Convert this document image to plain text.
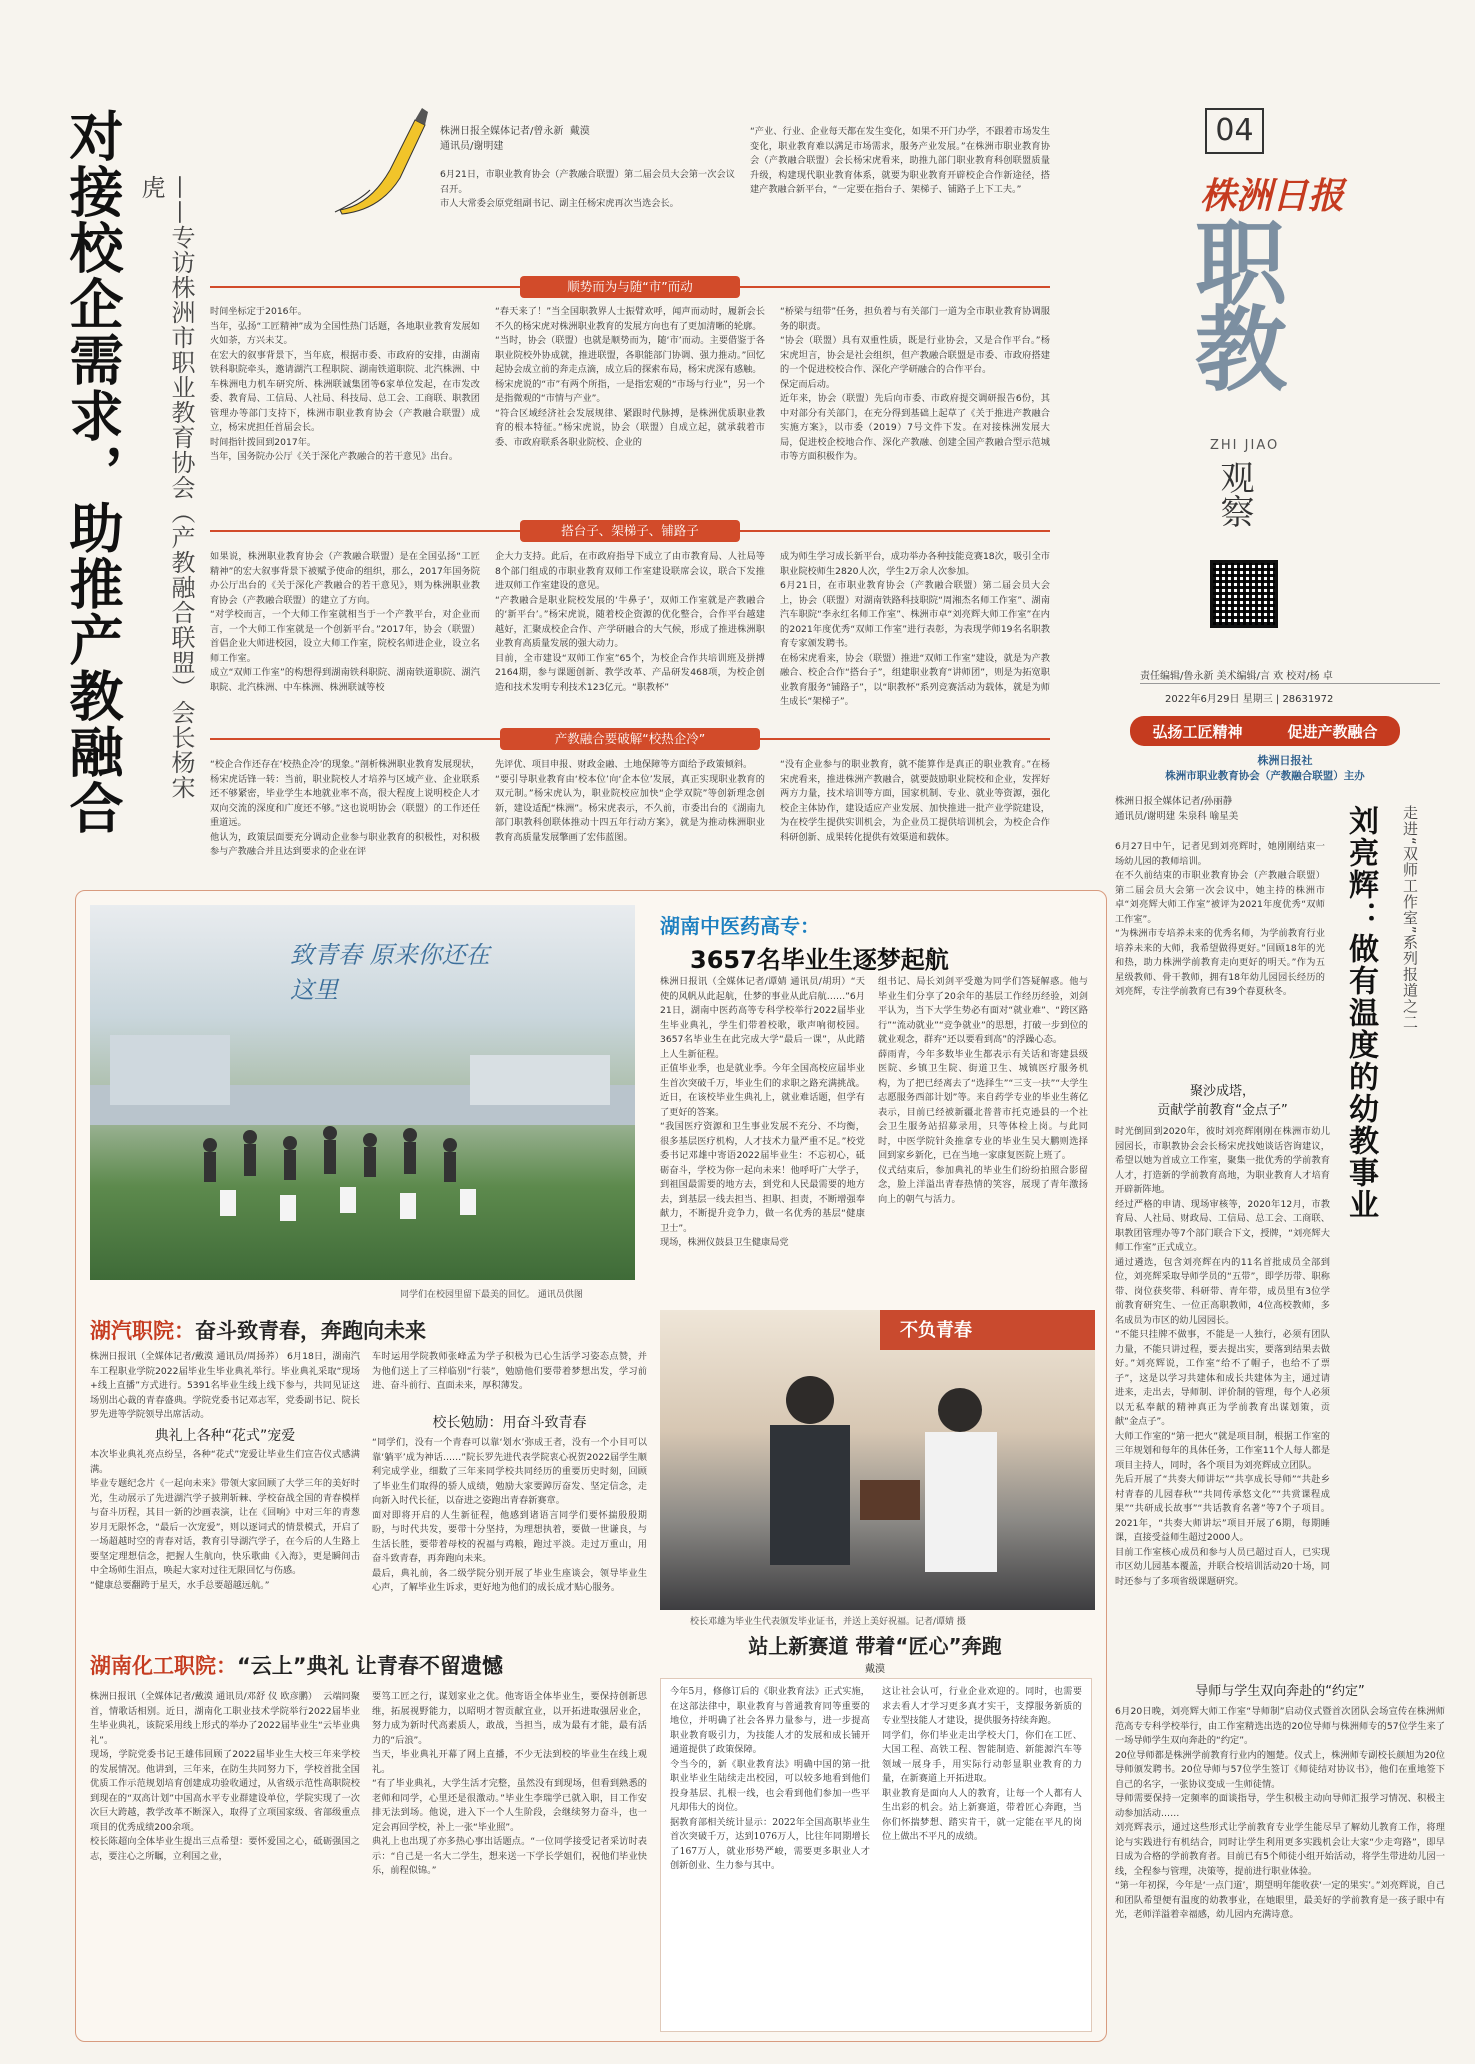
对接校企需求，助推产教融合	——专访株洲市职业教育协会（产教融合联盟）会长杨宋虎
株洲日报全媒体记者/曾永新  戴漠
通讯员/谢明建
6月21日，市职业教育协会（产教融合联盟）第二届会员大会第一次会议召开。
市人大常委会原党组副书记、副主任杨宋虎再次当选会长。
“产业、行业、企业每天都在发生变化，如果不开门办学，不跟着市场发生变化，职业教育难以满足市场需求，服务产业发展。”在株洲市职业教育协会（产教融合联盟）会长杨宋虎看来，助推九部门职业教育科创联盟质量升级，构建现代职业教育体系，就要为职业教育开辟校企合作新途径，搭建产教融合新平台，“一定要在指台子、架梯子、铺路子上下工夫。”
顺势而为与随“市”而动
时间坐标定于2016年。
当年，弘扬“工匠精神”成为全国性热门话题，各地职业教育发展如火如荼，方兴未艾。
在宏大的叙事背景下，当年底，根据市委、市政府的安排，由湖南铁科职院牵头，邀请湖汽工程职院、湖南铁道职院、北汽株洲、中车株洲电力机车研究所、株洲联诚集团等6家单位发起，在市发改委、教育局、工信局、人社局、科技局、总工会、工商联、职教团管理办等部门支持下，株洲市职业教育协会（产教融合联盟）成立，杨宋虎担任首届会长。
时间指针拨回到2017年。
当年，国务院办公厅《关于深化产教融合的若干意见》出台。
“春天来了！”当全国职教界人士振臂欢呼，闻声而动时，履新会长不久的杨宋虎对株洲职业教育的发展方向也有了更加清晰的轮廓。
“当时，协会（联盟）也就是顺势而为，随‘市’而动。主要借鉴于各职业院校外协成就，推进联盟，各职能部门协调、强力推动。”回忆起协会成立前的奔走点滴，成立后的探索布局，杨宋虎深有感触。
杨宋虎说的“市”有两个所指，一是指宏观的“市场与行业”，另一个是指微观的“市情与产业”。
“符合区域经济社会发展规律、紧跟时代脉搏，是株洲优质职业教育的根本特征。”杨宋虎说，协会（联盟）自成立起，就承载着市委、市政府联系各职业院校、企业的
“桥梁与纽带”任务，担负着与有关部门一道为全市职业教育协调服务的职责。
“协会（联盟）具有双重性质，既是行业协会，又是合作平台。”杨宋虎坦言，协会是社会组织，但产教融合联盟是市委、市政府搭建的一个促进校校合作、深化产学研融合的合作平台。
保定而后动。
近年来，协会（联盟）先后向市委、市政府提交调研报告6份，其中对部分有关部门，在充分得到基础上起草了《关于推进产教融合实施方案》，以市委（2019）7号文件下发。在对接株洲发展大局，促进校企校地合作、深化产教融、创建全国产教融合型示范城市等方面积极作为。
搭台子、架梯子、铺路子
如果说，株洲职业教育协会（产教融合联盟）是在全国弘扬“工匠精神”的宏大叙事背景下被赋予使命的组织，那么，2017年国务院办公厅出台的《关于深化产教融合的若干意见》，则为株洲职业教育协会（产教融合联盟）的建立了方向。
“对学校而言，一个大师工作室就相当于一个产教平台，对企业而言，一个大师工作室就是一个创新平台。”2017年，协会（联盟）首倡企业大师进校园，设立大师工作室，院校名师进企业，设立名师工作室。
成立“双师工作室”的构想得到湖南铁科职院、湖南铁道职院、湖汽职院、北汽株洲、中车株洲、株洲联诚等校
企大力支持。此后，在市政府指导下成立了由市教育局、人社局等8个部门组成的市职业教育双师工作室建设联席会议，联合下发推进双师工作室建设的意见。
“产教融合是职业院校发展的‘牛鼻子’，双师工作室就是产教融合的‘新平台’。”杨宋虎说，随着校企资源的优化整合，合作平台越建越好，汇聚成校企合作、产学研融合的大气候，形成了推进株洲职业教育高质量发展的强大动力。
目前，全市建设“双师工作室”65个，为校企合作共培训班及拼搏2164期，参与课题创新、教学改革、产品研发468项，为校企创造和技术发明专利技术123亿元。“职教杯”
成为师生学习成长新平台，成功举办各种技能竞赛18次，吸引全市职业院校师生2820人次，学生2万余人次参加。
6月21日，在市职业教育协会（产教融合联盟）第二届会员大会上，协会（联盟）对湖南铁路科技职院“周湘杰名师工作室”、湖南汽车职院“李永红名师工作室”、株洲市卓“刘亮辉大师工作室”在内的2021年度优秀“双师工作室”进行表彰，为表现学师19名名职教育专家颁发聘书。
在杨宋虎看来，协会（联盟）推进“双师工作室”建设，就是为产教融合、校企合作“搭台子”，组建职业教育“讲师团”，则是为拓宽职业教育服务“铺路子”，以“职教杯”系列竞赛活动为载体，就是为师生成长“架梯子”。
产教融合要破解“校热企冷”
“校企合作还存在‘校热企冷’的现象。”剖析株洲职业教育发展现状，杨宋虎话锋一转：当前，职业院校人才培养与区域产业、企业联系还不够紧密，毕业学生本地就业率不高，很大程度上说明校企人才双向交流的深度和广度还不够。”这也说明协会（联盟）的工作还任重道远。
他认为，政策层面要充分调动企业参与职业教育的积极性，对积极参与产教融合并且达到要求的企业在评
先评优、项目申报、财政金融、土地保障等方面给予政策倾斜。
“要引导职业教育由‘校本位’向‘企本位’发展，真正实现职业教育的双元制。”杨宋虎认为，职业院校应加快“企学双院”等创新理念创新，建设适配“株洲”。杨宋虎表示，不久前，市委出台的《湖南九部门职教科创联体推动十四五年行动方案》，就是为推动株洲职业教育高质量发展擎画了宏伟蓝图。
“没有企业参与的职业教育，就不能算作是真正的职业教育。”在杨宋虎看来，推进株洲产教融合，就要鼓励职业院校和企业，发挥好两方力量，技术培训等方面，国家机制、专业、就业等资源，强化校企主体协作，建设适应产业发展、加快推进一批产业学院建设，为在校学生提供实训机会，为企业员工提供培训机会，为校企合作科研创新、成果转化提供有效渠道和载体。
04
株洲日报
职教
ZHI JIAO
观察
责任编辑/鲁永新 美术编辑/言 欢 校对/杨 卓
2022年6月29日 星期三 | 28631972
弘扬工匠精神	促进产教融合
株洲日报社
株洲市职业教育协会（产教融合联盟）主办
株洲日报全媒体记者/孙丽静
通讯员/谢明建 朱泉科 喻星美	走进“双师工作室”系列报道之二
刘亮辉：做有温度的幼教事业
6月27日中午，记者见到刘亮辉时，她刚刚结束一场幼儿园的教师培训。
在不久前结束的市职业教育协会（产教融合联盟）第二届会员大会第一次会议中，她主持的株洲市卓“刘亮辉大师工作室”被评为2021年度优秀“双师工作室”。
“为株洲市专培养未来的优秀名师，为学前教育行业培养未来的大师，我希望做得更好。”回顾18年的光和热，助力株洲学前教育走向更好的明天。”作为五星级教师、骨干教师，拥有18年幼儿园园长经历的刘亮辉，专注学前教育已有39个春夏秋冬。
聚沙成塔，
贡献学前教育“金点子”
时光倒回到2020年，彼时刘亮辉刚刚在株洲市幼儿园园长，市职教协会会长杨宋虎找她谈话咨询建议，希望以她为首成立工作室，聚集一批优秀的学前教育人才，打造新的学前教育高地，为职业教育人才培育开辟新阵地。
经过严格的申请、现场审核等，2020年12月，市教育局、人社局、财政局、工信局、总工会、工商联、职教团管理办等7个部门联合下文，授牌，“刘亮辉大师工作室”正式成立。
通过遴选，包含刘亮辉在内的11名首批成员全部到位，刘亮辉采取导师学员的“五带”，即学历带、职称带、岗位获奖带、科研带、青年带，成员里有3位学前教育研究生、一位正高职教师，4位高校教师，多名成员为市区的幼儿园园长。
“不能只挂牌不做事，不能是一人独行，必须有团队力量，不能只讲过程，要去提出实，要落到结果去做好。”刘亮辉说，工作室“给不了帽子，也给不了票子”，这是以学习共建体和成长共建体为主，通过请进来，走出去，导师制、评价制的管理，每个人必须以无私奉献的精神真正为学前教育出谋划策，贡献“金点子”。
大师工作室的“第一把火”就是项目制，根据工作室的三年规划和每年的具体任务，工作室11个人每人都是项目主持人，同时，各个项目为刘亮辉成立团队。
先后开展了“共奏大师讲坛”“共享成长导师”“共赴乡村青春的儿园春秋”“共同传承悠文化”“共赏课程成果”“共研成长故事”“共话教育名著”等7个子项目。2021年，“共奏大师讲坛”项目开展了6期，每期睡课，直接受益师生超过2000人。
目前工作室核心成员和参与人员已超过百人，已实现市区幼儿园基本覆盖，并联合校培训活动20十场，同时还参与了多项省级课题研究。
导师与学生双向奔赴的“约定”
6月20日晚，刘亮辉大师工作室“导师制”启动仪式暨首次团队会场宣传在株洲师范高专专科学校举行，由工作室精选出选的20位导师与株洲师专的57位学生来了一场导师学生双向奔赴的“约定”。
20位导师都是株洲学前教育行业内的翘楚。仪式上，株洲师专副校长颜旭为20位导师颁发聘书。20位导师与57位学生签订《师徒结对协议书》，他们在重地签下自己的名字，一张协议变成一生师徒情。
导师需要保持一定频率的面谈指导，学生积极主动向导师汇报学习情况、积极主动参加活动……
刘亮辉表示，通过这些形式让学前教育专业学生能尽早了解幼儿教育工作，将理论与实践进行有机结合，同时让学生利用更多实践机会让大家“少走弯路”，即早日成为合格的学前教育者。目前已有5个师徒小组开始活动，将学生带进幼儿园一线，全程参与管理，决策等，提前进行职业体验。
“第一年初探，今年是‘一点门道’，期望明年能收获‘一定的果实’。”刘亮辉说，自己和团队希望便有温度的幼教事业，在她眼里，最美好的学前教育是一孩子眼中有光，老师洋溢着幸福感，幼儿园内充满诗意。
致青春 原来你还在这里
同学们在校园里留下最美的回忆。 通讯员供图
湖南中医药高专：
3657名毕业生逐梦起航
株洲日报讯（全媒体记者/谭婧 通讯员/胡玥）“天使的风帆从此起航，仕梦的事业从此启航……”6月21日，湖南中医药高等专科学校举行2022届毕业生毕业典礼，学生们带着校歌，歌声响彻校园。3657名毕业生在此完成大学“最后一课”，从此踏上人生新征程。
正值毕业季，也是就业季。今年全国高校应届毕业生首次突破千万，毕业生们的求职之路充满挑战。近日，在该校毕业生典礼上，就业难话题，但学有了更好的答案。
“我国医疗资源和卫生事业发展不充分、不均衡，很多基层医疗机构，人才技术力量严重不足。”校党委书记邓雄中寄语2022届毕业生：不忘初心，砥砺奋斗，学校为你一起向未来！他呼吁广大学子，到祖国最需要的地方去，到党和人民最需要的地方去，到基层一线去担当、担职、担责，不断增强奉献力，不断提升竞争力，做一名优秀的基层“健康卫士”。
现场，株洲仪鼓县卫生健康局党
组书记、局长刘剑平受邀为同学们答疑解惑。他与毕业生们分享了20余年的基层工作经历经验，刘剑平认为，当下大学生势必有面对“就业难”、“跨区路行”“流动就业”“竞争就业”的思想，打破一步到位的就业观念，群弃“还以要看到高”的浮躁心态。
薛雨青，今年多数毕业生都表示有关话和寄建县级医院、乡镇卫生院、街道卫生、城镇医疗服务机构，为了把已经离去了“选择生”“三支一扶”“大学生志愿服务西部计划”等。来自药学专业的毕业生蒋亿表示，目前已经被新疆北普普市托克逊县的一个社会卫生服务站招募录用，只等体检上岗。与此同时，中医学院针灸推拿专业的毕业生吴大鹏则选择回到家乡新化，已在当地一家康复医院上班了。
仪式结束后，参加典礼的毕业生们纷纷拍照合影留念，脸上洋溢出青春热情的笑容，展现了青年激扬向上的朝气与活力。
不负青春
校长邓雄为毕业生代表颁发毕业证书，并送上美好祝福。记者/谭婧 摄
湖汽职院：奋斗致青春，奔跑向未来
株洲日报讯（全媒体记者/戴漠 通讯员/周扬荞） 6月18日，湖南汽车工程职业学院2022届毕业生毕业典礼举行。毕业典礼采取“现场+线上直播”方式进行。5391名毕业生线上线下参与，共同见证这场别出心裁的青春盛典。学院党委书记邓志军，党委副书记、院长罗先进等学院领导出席活动。
典礼上各种“花式”宠爱
本次毕业典礼亮点纷呈，各种“花式”宠爱让毕业生们宣告仪式感满满。
毕业专题纪念片《一起向未来》带领大家回顾了大学三年的美好时光，生动展示了先进湖汽学子披荆斩棘、学校奋战全国的青春模样与奋斗历程，其目一新的沙画表演，让在《回响》中对三年的青葱岁月无限怀念，“最后一次宠爱”，则以逐词式的情景模式，开启了一场超越时空的青春对话，教育引导湖汽学子，在今后的人生路上要坚定理想信念，把握人生航向，快乐歌曲《入海》，更是瞬间击中全场师生泪点，唤起大家对过往无限回忆与伤感。
“健康总要翻跨于星天，水手总要超越远航。”
车时运用学院教师张峰孟为学子积极为已心生活学习姿态点赞，并为他们送上了三样临别“行装”，勉励他们要带着梦想出发，学习前进、奋斗前行、直面未来，厚积薄发。
校长勉励：用奋斗致青春
“同学们，没有一个青春可以靠‘划水’弥成王者，没有一个小目可以靠‘躺平’成为神话……”院长罗先进代表学院衷心祝贺2022届学生顺利完成学业，细数了三年来同学校共同经历的重要历史时刻，回顾了毕业生们取得的骄人成绩，勉励大家要踔厉奋发、坚定信念，走向新入时代长征，以奋进之姿跑出青春新赛章。
面对即将开启的人生新征程，他感到诸语言同学们要怀揣殷殷期盼，与时代共发，要带十分坚持，为理想执着，要做一世谦良，与生活长胜，要带着母校的祝福与鸡粮，跑过平淡。走过万重山，用奋斗致青春，再奔跑向未来。
最后，典礼前，各二级学院分别开展了毕业生座谈会，领导毕业生心声，了解毕业生诉求，更好地为他们的成长成才贴心服务。
湖南化工职院：“云上”典礼 让青春不留遗憾
株洲日报讯（全媒体记者/戴漠 通讯员/邓舒 仪 欧彦鹏）  云端同聚首，情歌话相别。近日，湖南化工职业技术学院举行2022届毕业生毕业典礼，该院采用线上形式的举办了2022届毕业生“云毕业典礼”。
现场，学院党委书记王雄伟回顾了2022届毕业生大校三年来学校的发展情况。他讲到，三年来，在防生共同努力下，学校首批全国优质工作示范规划培育创建成功验收通过，从省级示范性高职院校到现在的“双高计划”中国高水平专业群建设单位，学院实现了一次次巨大跨越，教学改革不断深入，取得了立项国家级、省部级重点项目的优秀成绩200余项。
校长陈超向全体毕业生提出三点希望：要怀爱国之心，砥砺强国之志，要注心之所瞩，立利国之业，
要笃工匠之行，谋划家业之优。他寄语全体毕业生，要保持创新思维，拓展视野能力，以昭明才智贡献宜业，以开拓进取强居业企，努力成为新时代高素质人，敢战，当担当，成为最有才能，最有活力的“后浪”。
当天，毕业典礼开幕了网上直播，不少无法到校的毕业生在线上观礼。
“有了毕业典礼，大学生活才完整，虽然没有到现场，但看到熟悉的老师和同学，心里还是很激动。”毕业生李瑞学已就入职，目工作安排无法到场。他说，进入下一个人生阶段，会继续努力奋斗，也一定会再回学校，补上一张“毕业照”。
典礼上也出现了亦多热心事出话题点。“一位同学接受记者采访时表示：“自己是一名大二学生，想来送一下学长学姐们，祝他们毕业快乐，前程似锦。”
站上新赛道 带着“匠心”奔跑
戴漠
今年5月，修修订后的《职业教育法》正式实施，在这部法律中，职业教育与普通教育同等重要的地位，并明确了社会各界力量参与，进一步提高职业教育吸引力，为技能人才的发展和成长铺开通道提供了政策保障。
令当今的，新《职业教育法》明确中国的第一批职业毕业生陆续走出校园，可以较多地看到他们投身基层、扎根一线，也会看到他们参加一些平凡却伟大的岗位。
据教育部相关统计显示：2022年全国高职毕业生首次突破千万，达到1076万人，比往年同期增长了167万人，就业形势严峻，需要更多职业人才创新创业、生力参与其中。
这让社会认可，行业企业欢迎的。同时，也需要求去看人才学习更多真才实干，支撑服务新质的专业型技能人才建设，提供服务持续奔跑。
同学们，你们毕业走出学校大门，你们在工匠、大国工程、高铁工程、智能制造、新能源汽车等领域一展身手，用实际行动彰显职业教育的力量，在新赛道上开拓进取。
职业教育是面向人人的教育，让每一个人都有人生出彩的机会。站上新赛道，带着匠心奔跑，当你们怀揣梦想、踏实肯干，就一定能在平凡的岗位上做出不平凡的成绩。
